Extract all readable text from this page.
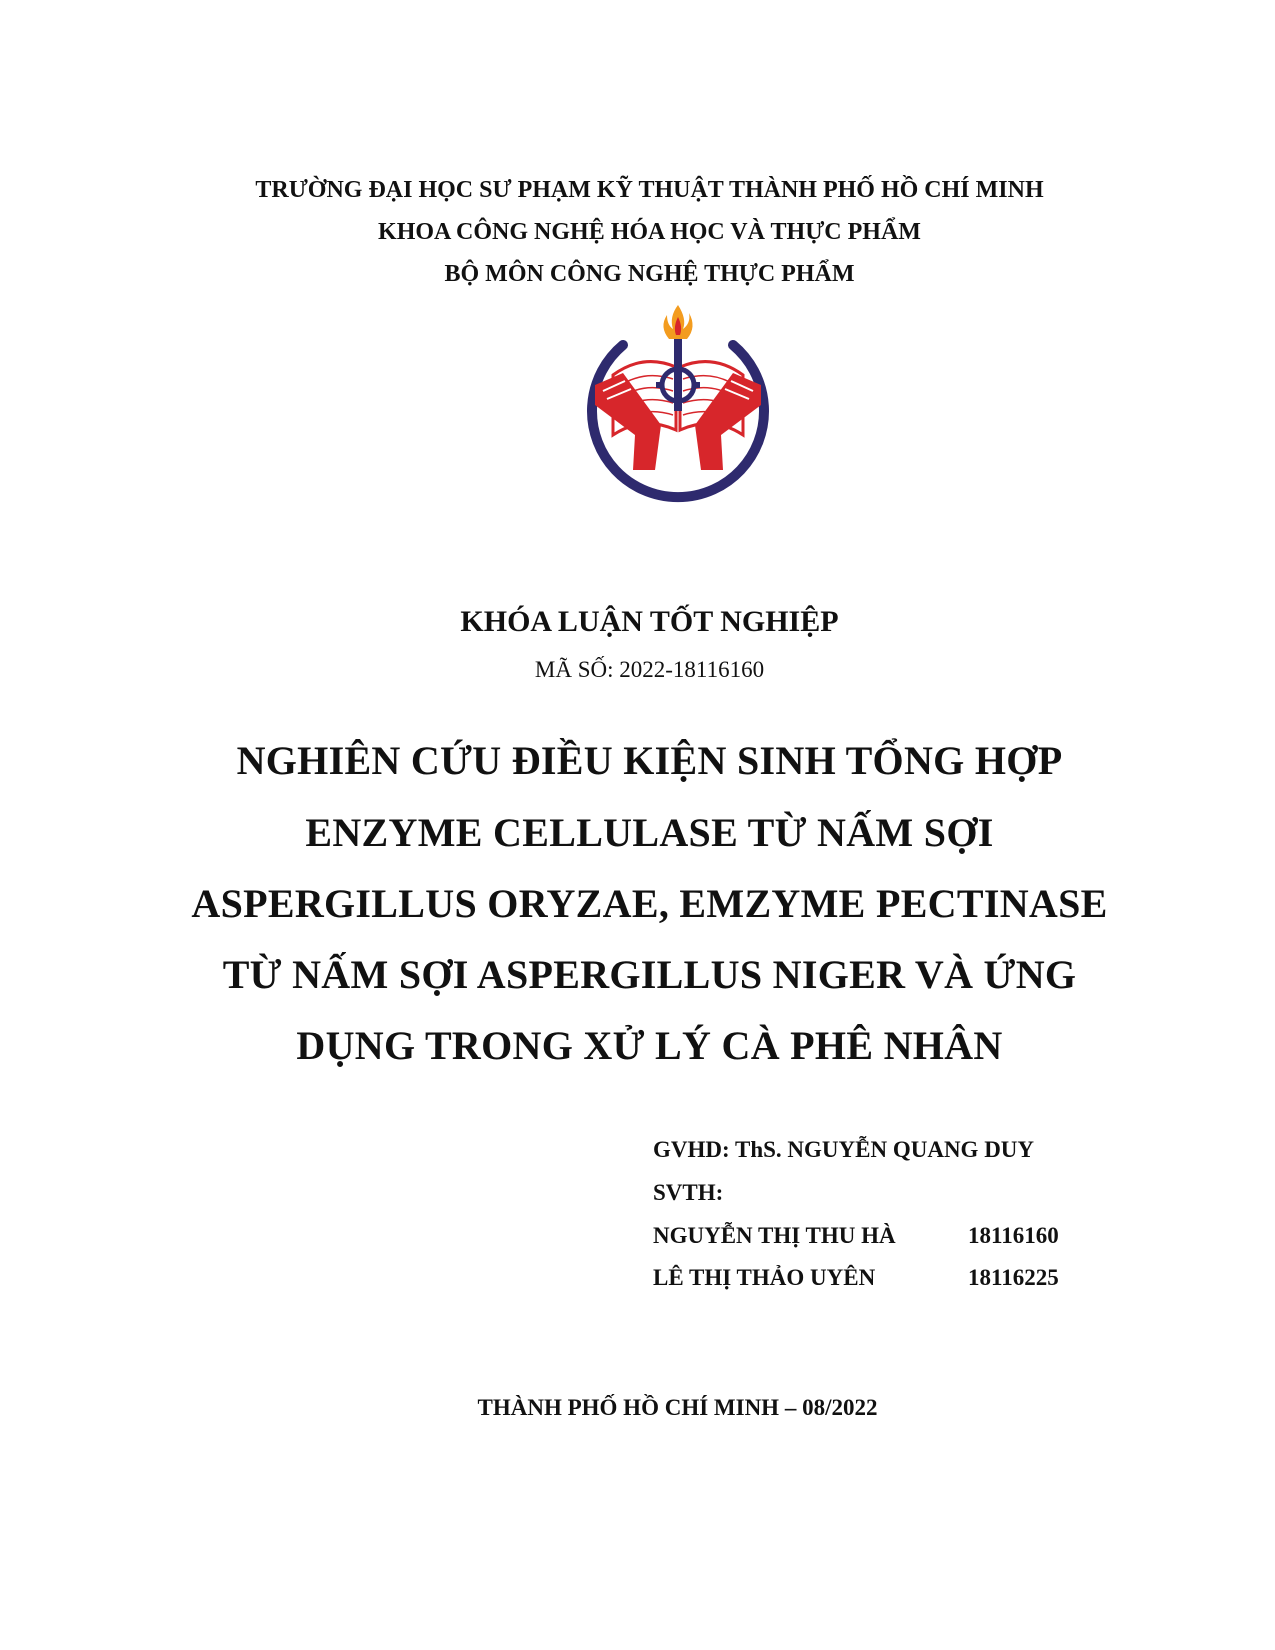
TRƯỜNG ĐẠI HỌC SƯ PHẠM KỸ THUẬT THÀNH PHỐ HỒ CHÍ MINH
KHOA CÔNG NGHỆ HÓA HỌC VÀ THỰC PHẨM
BỘ MÔN CÔNG NGHỆ THỰC PHẨM
KHÓA LUẬN TỐT NGHIỆP
MÃ SỐ: 2022-18116160
NGHIÊN CỨU ĐIỀU KIỆN SINH TỔNG HỢP
ENZYME CELLULASE TỪ NẤM SỢI
ASPERGILLUS ORYZAE, EMZYME PECTINASE
TỪ NẤM SỢI ASPERGILLUS NIGER VÀ ỨNG
DỤNG TRONG XỬ LÝ CÀ PHÊ NHÂN
GVHD: ThS. NGUYỄN QUANG DUY
SVTH:
NGUYỄN THỊ THU HÀ	18116160
LÊ THỊ THẢO UYÊN	18116225
THÀNH PHỐ HỒ CHÍ MINH – 08/2022
